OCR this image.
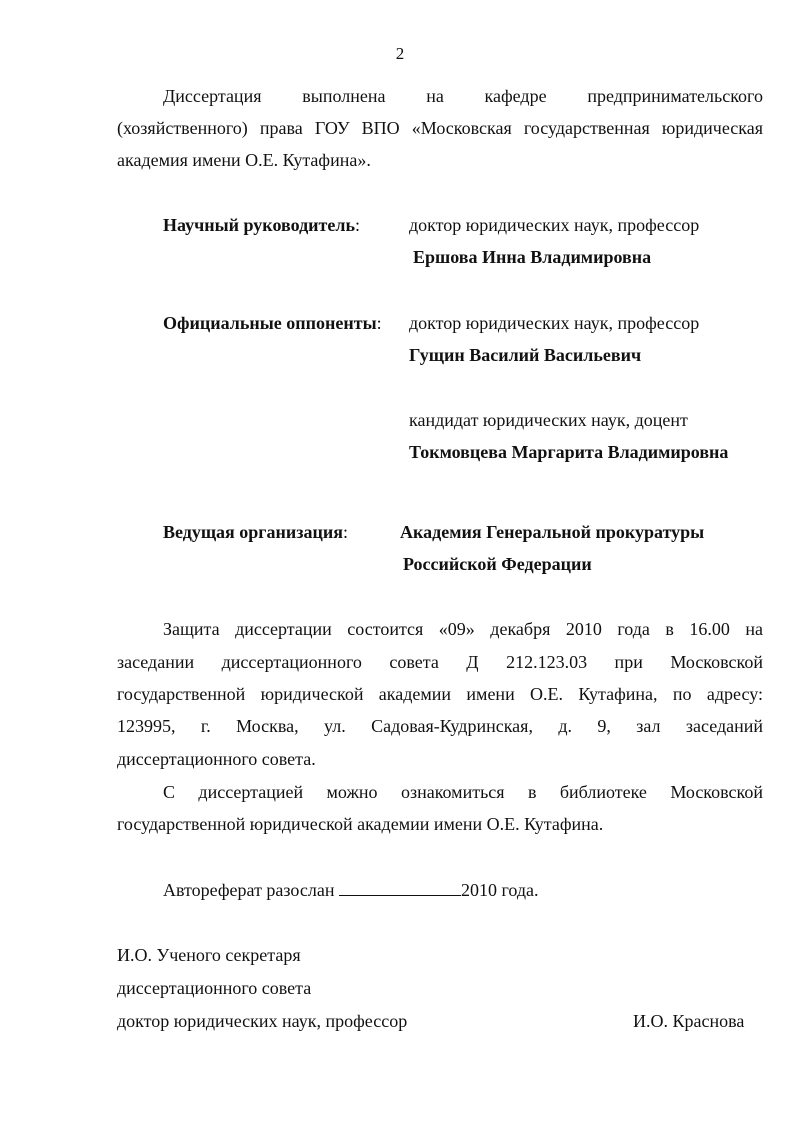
2
Диссертация выполнена на кафедре предпринимательского
(хозяйственного) права ГОУ ВПО «Московская государственная юридическая
академия имени О.Е. Кутафина».
Научный руководитель:	доктор юридических наук, профессор
Ершова Инна Владимировна
Официальные оппоненты: доктор юридических наук, профессор
Гущин Василий Васильевич
кандидат юридических наук, доцент
Токмовцева Маргарита Владимировна
Ведущая организация:	Академия Генеральной прокуратуры
Российской Федерации
Защита диссертации состоится «09» декабря 2010 года в 16.00 на
заседании диссертационного совета Д 212.123.03 при Московской
государственной юридической академии имени О.Е. Кутафина, по адресу:
123995, г. Москва, ул. Садовая-Кудринская, д. 9, зал заседаний
диссертационного совета.
С диссертацией можно ознакомиться в библиотеке Московской
государственной юридической академии имени О.Е. Кутафина.
Автореферат разослан	2010 года.
И.О. Ученого секретаря
диссертационного совета
доктор юридических наук, профессор	И.О. Краснова
